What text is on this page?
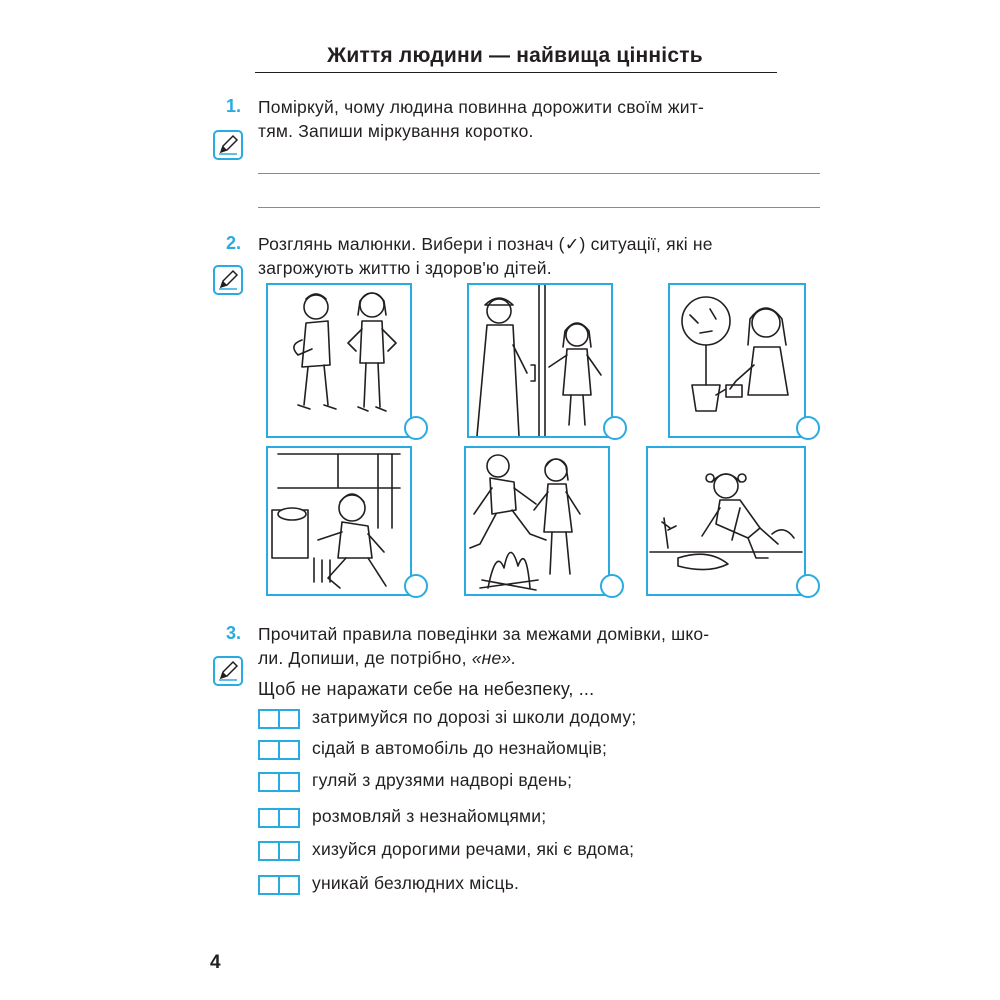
Життя людини — найвища цінність
1. Поміркуй, чому людина повинна дорожити своїм жит-
тям. Запиши міркування коротко.
2. Розглянь малюнки. Вибери і познач (✓) ситуації, які не
загрожують життю і здоров'ю дітей.
3. Прочитай правила поведінки за межами домівки, шко-
ли. Допиши, де потрібно, «не».
Щоб не наражати себе на небезпеку, ...
затримуйся по дорозі зі школи додому;
сідай в автомобіль до незнайомців;
гуляй з друзями надворі вдень;
розмовляй з незнайомцями;
хизуйся дорогими речами, які є вдома;
уникай безлюдних місць.
4
